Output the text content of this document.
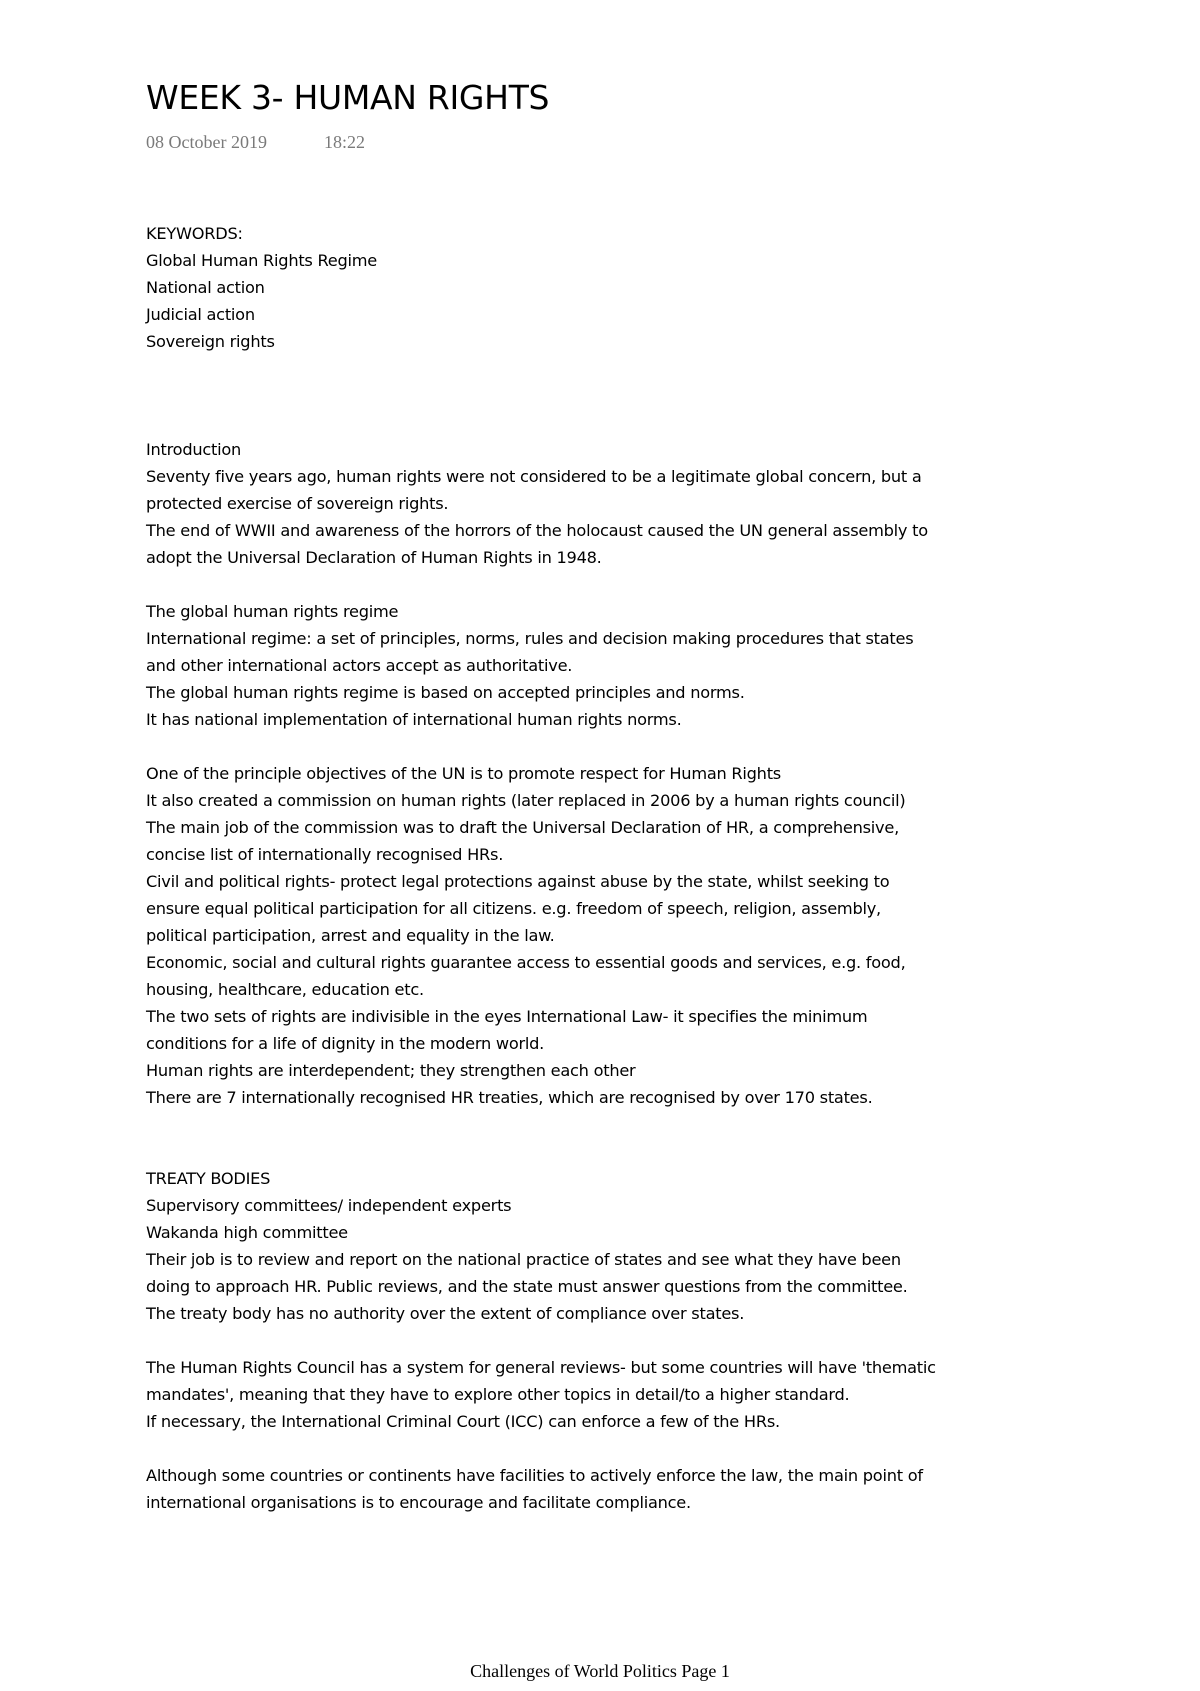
WEEK 3- HUMAN RIGHTS
08 October 2019	18:22
KEYWORDS:
Global Human Rights Regime
National action
Judicial action
Sovereign rights
Introduction
Seventy five years ago, human rights were not considered to be a legitimate global concern, but a
protected exercise of sovereign rights.
The end of WWII and awareness of the horrors of the holocaust caused the UN general assembly to
adopt the Universal Declaration of Human Rights in 1948.
The global human rights regime
International regime: a set of principles, norms, rules and decision making procedures that states
and other international actors accept as authoritative.
The global human rights regime is based on accepted principles and norms.
It has national implementation of international human rights norms.
One of the principle objectives of the UN is to promote respect for Human Rights
It also created a commission on human rights (later replaced in 2006 by a human rights council)
The main job of the commission was to draft the Universal Declaration of HR, a comprehensive,
concise list of internationally recognised HRs.
Civil and political rights- protect legal protections against abuse by the state, whilst seeking to
ensure equal political participation for all citizens. e.g. freedom of speech, religion, assembly,
political participation, arrest and equality in the law.
Economic, social and cultural rights guarantee access to essential goods and services, e.g. food,
housing, healthcare, education etc.
The two sets of rights are indivisible in the eyes International Law- it specifies the minimum
conditions for a life of dignity in the modern world.
Human rights are interdependent; they strengthen each other
There are 7 internationally recognised HR treaties, which are recognised by over 170 states.
TREATY BODIES
Supervisory committees/ independent experts
Wakanda high committee
Their job is to review and report on the national practice of states and see what they have been
doing to approach HR. Public reviews, and the state must answer questions from the committee.
The treaty body has no authority over the extent of compliance over states.
The Human Rights Council has a system for general reviews- but some countries will have 'thematic
mandates', meaning that they have to explore other topics in detail/to a higher standard.
If necessary, the International Criminal Court (ICC) can enforce a few of the HRs.
Although some countries or continents have facilities to actively enforce the law, the main point of
international organisations is to encourage and facilitate compliance.
Challenges of World Politics Page 1
